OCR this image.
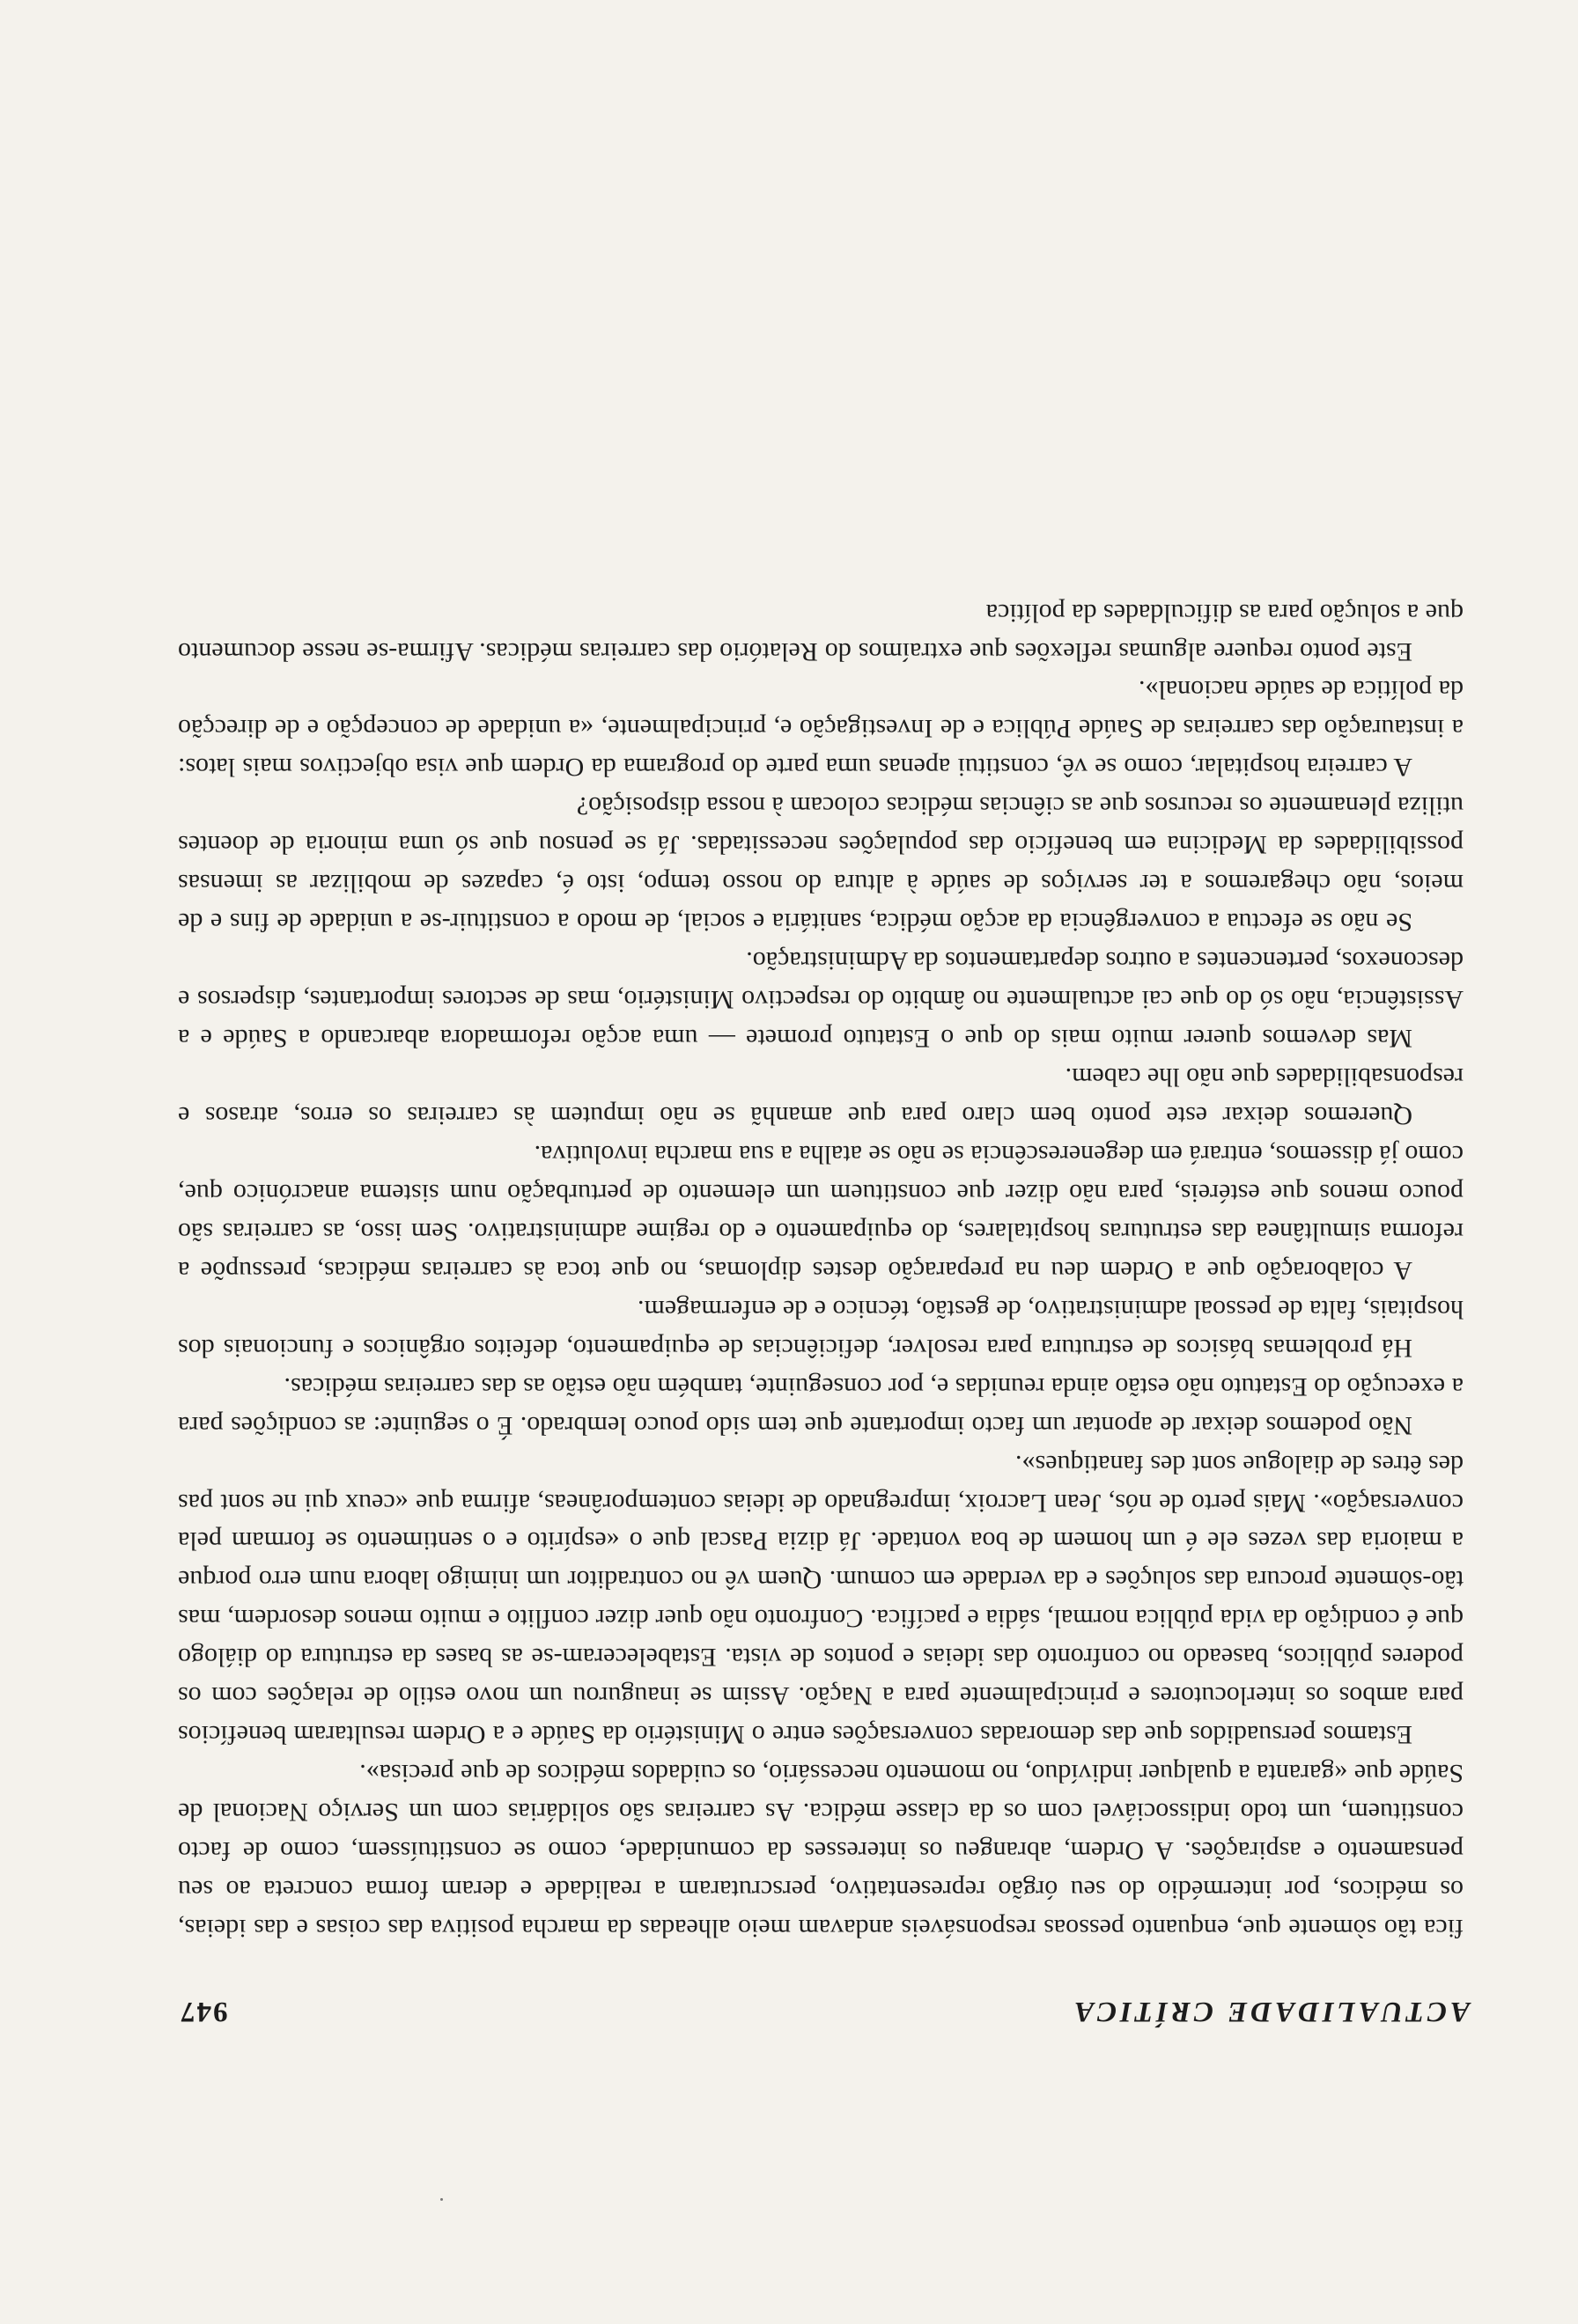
ACTUALIDADE CRÍTICA
947

fica tão sòmente que, enquanto pessoas responsáveis andavam meio alheadas da marcha positiva das coisas e das ideias, os médicos, por intermédio do seu órgão representativo, perscrutaram a realidade e deram forma concreta ao seu pensamento e aspirações. A Ordem, abrangeu os interesses da comunidade, como se constituíssem, como de facto constituem, um todo indissociável com os da classe médica. As carreiras são solidárias com um Serviço Nacional de Saúde que «garanta a qualquer indivíduo, no momento necessário, os cuidados médicos de que precisa».

Estamos persuadidos que das demoradas conversações entre o Ministério da Saúde e a Ordem resultaram benefícios para ambos os interlocutores e principalmente para a Nação. Assim se inaugurou um novo estilo de relações com os poderes públicos, baseado no confronto das ideias e pontos de vista. Estabeleceram-se as bases da estrutura do diálogo que é condição da vida pública normal, sádia e pacífica. Confronto não quer dizer conflito e muito menos desordem, mas tão-sòmente procura das soluções e da verdade em comum. Quem vê no contraditor um inimigo labora num erro porque a maioria das vezes ele é um homem de boa vontade. Já dizia Pascal que o «espírito e o sentimento se formam pela conversação». Mais perto de nós, Jean Lacroix, impregnado de ideias contemporâneas, afirma que «ceux qui ne sont pas des êtres de dialogue sont des fanatiques».

Não podemos deixar de apontar um facto importante que tem sido pouco lembrado. É o seguinte: as condições para a execução do Estatuto não estão ainda reunidas e, por conseguinte, também não estão as das carreiras médicas.

Há problemas básicos de estrutura para resolver, deficiências de equipamento, defeitos orgânicos e funcionais dos hospitais, falta de pessoal administrativo, de gestão, técnico e de enfermagem.

A colaboração que a Ordem deu na preparação destes diplomas, no que toca às carreiras médicas, pressupõe a reforma simultânea das estruturas hospitalares, do equipamento e do regime administrativo. Sem isso, as carreiras são pouco menos que estéreis, para não dizer que constituem um elemento de perturbação num sistema anacrónico que, como já dissemos, entrará em degenerescência se não se atalha a sua marcha involutiva.

Queremos deixar este ponto bem claro para que amanhã se não imputem às carreiras os erros, atrasos e responsabilidades que não lhe cabem.

Mas devemos querer muito mais do que o Estatuto promete — uma acção reformadora abarcando a Saúde e a Assistência, não só do que cai actualmente no âmbito do respectivo Ministério, mas de sectores importantes, dispersos e desconexos, pertencentes a outros departamentos da Administração.

Se não se efectua a convergência da acção médica, sanitária e social, de modo a constituir-se a unidade de fins e de meios, não chegaremos a ter serviços de saúde à altura do nosso tempo, isto é, capazes de mobilizar as imensas possibilidades da Medicina em benefício das populações necessitadas. Já se pensou que só uma minoria de doentes utiliza plenamente os recursos que as ciências médicas colocam à nossa disposição?

A carreira hospitalar, como se vê, constitui apenas uma parte do programa da Ordem que visa objectivos mais latos: a instauração das carreiras de Saúde Pública e de Investigação e, principalmente, «a unidade de concepção e de direcção da política de saúde nacional».

Este ponto requere algumas reflexões que extraímos do Relatório das carreiras médicas. Afirma-se nesse documento que a solução para as dificuldades da política
